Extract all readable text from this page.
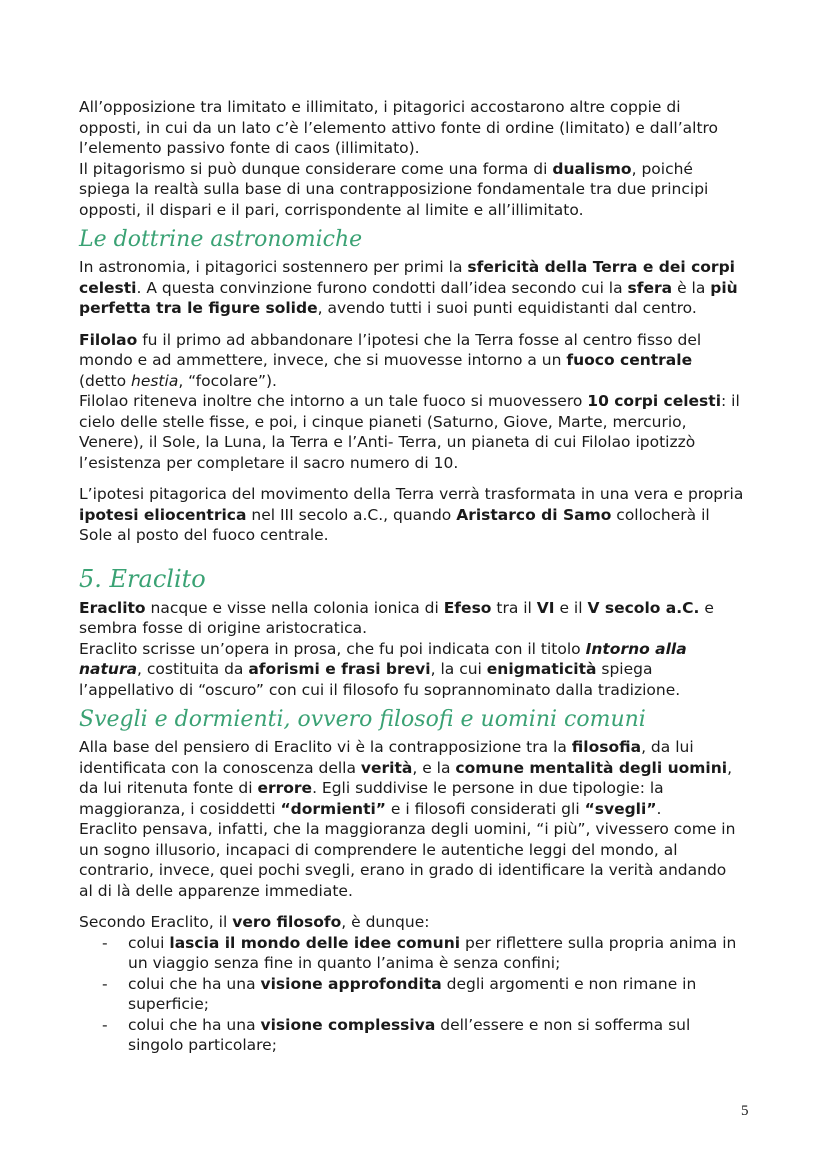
All’opposizione tra limitato e illimitato, i pitagorici accostarono altre coppie di opposti, in cui da un lato c’è l’elemento attivo fonte di ordine (limitato) e dall’altro l’elemento passivo fonte di caos (illimitato).
Il pitagorismo si può dunque considerare come una forma di dualismo, poiché spiega la realtà sulla base di una contrapposizione fondamentale tra due principi opposti, il dispari e il pari, corrispondente al limite e all’illimitato.

Le dottrine astronomiche

In astronomia, i pitagorici sostennero per primi la sfericità della Terra e dei corpi celesti. A questa convinzione furono condotti dall’idea secondo cui la sfera è la più perfetta tra le figure solide, avendo tutti i suoi punti equidistanti dal centro.

Filolao fu il primo ad abbandonare l’ipotesi che la Terra fosse al centro fisso del mondo e ad ammettere, invece, che si muovesse intorno a un fuoco centrale (detto hestia, “focolare”).
Filolao riteneva inoltre che intorno a un tale fuoco si muovessero 10 corpi celesti: il cielo delle stelle fisse, e poi, i cinque pianeti (Saturno, Giove, Marte, mercurio, Venere), il Sole, la Luna, la Terra e l’Anti- Terra, un pianeta di cui Filolao ipotizzò l’esistenza per completare il sacro numero di 10.

L’ipotesi pitagorica del movimento della Terra verrà trasformata in una vera e propria ipotesi eliocentrica nel III secolo a.C., quando Aristarco di Samo collocherà il Sole al posto del fuoco centrale.

5. Eraclito

Eraclito nacque e visse nella colonia ionica di Efeso tra il VI e il V secolo a.C. e sembra fosse di origine aristocratica.
Eraclito scrisse un’opera in prosa, che fu poi indicata con il titolo Intorno alla natura, costituita da aforismi e frasi brevi, la cui enigmaticità spiega l’appellativo di “oscuro” con cui il filosofo fu soprannominato dalla tradizione.

Svegli e dormienti, ovvero filosofi e uomini comuni

Alla base del pensiero di Eraclito vi è la contrapposizione tra la filosofia, da lui identificata con la conoscenza della verità, e la comune mentalità degli uomini, da lui ritenuta fonte di errore. Egli suddivise le persone in due tipologie: la maggioranza, i cosiddetti “dormienti” e i filosofi considerati gli “svegli”.
Eraclito pensava, infatti, che la maggioranza degli uomini, “i più”, vivessero come in un sogno illusorio, incapaci di comprendere le autentiche leggi del mondo, al contrario, invece, quei pochi svegli, erano in grado di identificare la verità andando al di là delle apparenze immediate.

Secondo Eraclito, il vero filosofo, è dunque:

- colui lascia il mondo delle idee comuni per riflettere sulla propria anima in un viaggio senza fine in quanto l’anima è senza confini;
- colui che ha una visione approfondita degli argomenti e non rimane in superficie;
- colui che ha una visione complessiva dell’essere e non si sofferma sul singolo particolare;
5
